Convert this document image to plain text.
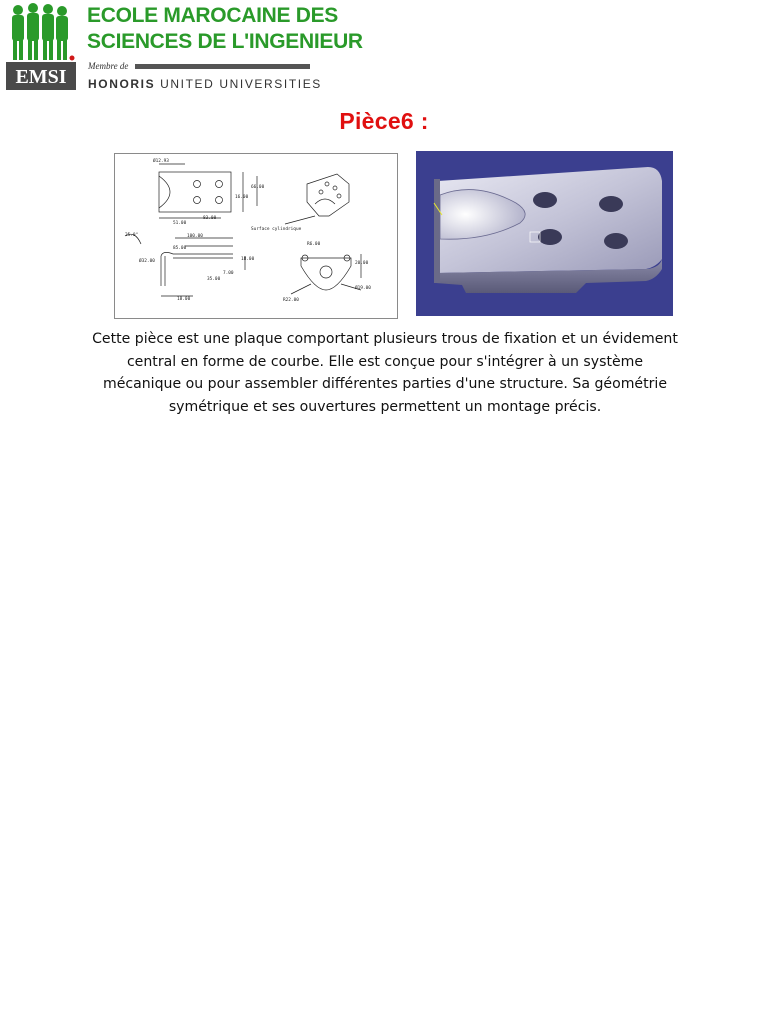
EMSI
ECOLE MAROCAINE DES
SCIENCES DE L'INGENIEUR
Membre de
HONORIS UNITED UNIVERSITIES
Pièce6 :
Ø12.93
66.00
16.00
51.00
83.00
Surface cylindrique
25.0°	100.00
85.00
18.00
7.00
35.00
R6.00
20.00
Ø32.00
18.00	R22.00
Ø19.00
Cette pièce est une plaque comportant plusieurs trous de fixation et un évidement central en forme de courbe. Elle est conçue pour s'intégrer à un système mécanique ou pour assembler différentes parties d'une structure. Sa géométrie symétrique et ses ouvertures permettent un montage précis.
